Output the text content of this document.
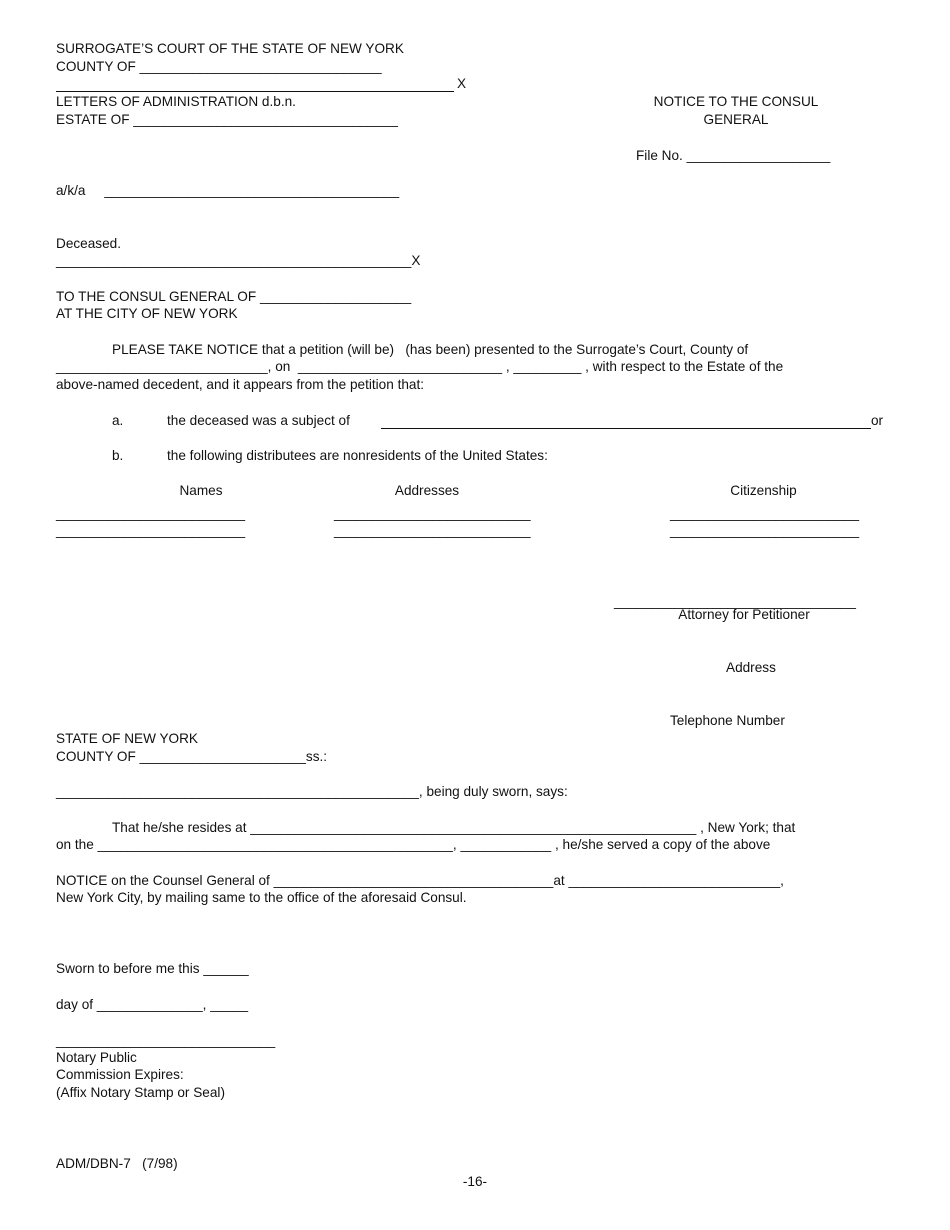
SURROGATE’S COURT OF THE STATE OF NEW YORK
COUNTY OF ________________________________
X
LETTERS OF ADMINISTRATION d.b.n.
ESTATE OF ___________________________________
a/k/a     _______________________________________
Deceased.
_______________________________________________X
NOTICE TO THE CONSUL
GENERAL
File No. ___________________
TO THE CONSUL GENERAL OF ____________________
AT THE CITY OF NEW YORK
PLEASE TAKE NOTICE that a petition (will be)   (has been) presented to the Surrogate’s Court, County of
____________________________, on  ___________________________ , _________ , with respect to the Estate of the
above-named decedent, and it appears from the petition that:
a.	the deceased was a subject of	or
b.	the following distributees are nonresidents of the United States:
Names	Addresses	Citizenship
_________________________	__________________________	_________________________
_________________________	__________________________	_________________________
________________________________
Attorney for Petitioner
Address
Telephone Number
STATE OF NEW YORK
COUNTY OF ______________________ss.:
________________________________________________, being duly sworn, says:
That he/she resides at ___________________________________________________________ , New York; that
on the _______________________________________________, ____________ , he/she served a copy of the above
NOTICE on the Counsel General of _____________________________________at ____________________________,
New York City, by mailing same to the office of the aforesaid Consul.
Sworn to before me this ______
day of ______________, _____
_____________________________
Notary Public
Commission Expires:
(Affix Notary Stamp or Seal)
ADM/DBN-7   (7/98)
-16-
